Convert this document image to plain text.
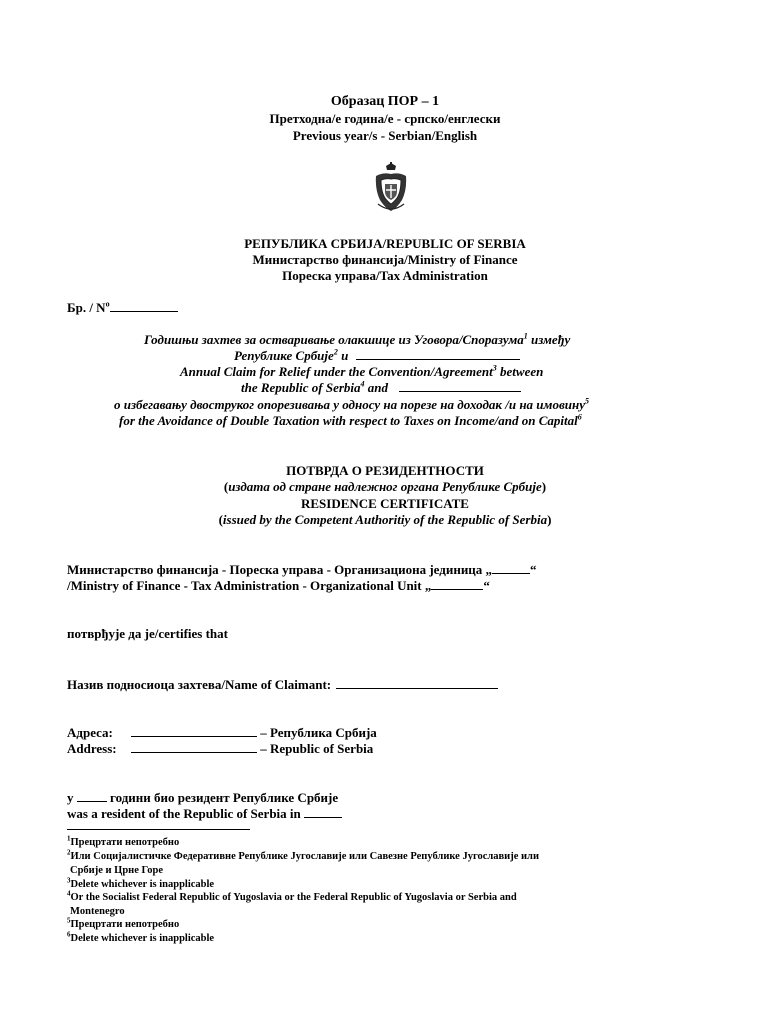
Образац ПОР – 1
Претходна/е година/е - српско/енглески
Previous year/s - Serbian/English
РЕПУБЛИКА СРБИЈА/REPUBLIC OF SERBIA
Министарство финансија/Ministry of Finance
Пореска управа/Tax Administration
Бр. / $N^o$
Годишњи захтев за остваривање олакшице из Уговора/Споразума$^1$ између
Републике Србије$^2$ и
Annual Claim for Relief under the Convention/Agreement$^3$ between
the Republic of Serbia$^4$ and
о избегавању двоструког опорезивања у односу на порезе на доходак /и на имовину$^5$
for the Avoidance of Double Taxation with respect to Taxes on Income/and on Capital$^6$
ПОТВРДА О РЕЗИДЕНТНОСТИ
(издата од стране надлежног органа Републике Србије)
RESIDENCE CERTIFICATE
(issued by the Competent Authoritiy of the Republic of Serbia)
Министарство финансија - Пореска управа - Организациона јединица „	“
/Ministry of Finance - Tax Administration - Organizational Unit „	“
потврђује да је/certifies that
Назив подносиоца захтева/Name of Claimant:
Адреса:	– Република Србија
Address:	– Republic of Serbia
у	години био резидент Републике Србије
was a resident of the Republic of Serbia in
$^1$Прецртати непотребно
$^2$Или Социјалистичке Федеративне Републике Југославије или Савезне Републике Југославије или
Србије и Црне Горе
$^3$Delete whichever is inapplicable
$^4$Or the Socialist Federal Republic of Yugoslavia or the Federal Republic of Yugoslavia or Serbia and
Montenegro
$^5$Прецртати непотребно
$^6$Delete whichever is inapplicable
